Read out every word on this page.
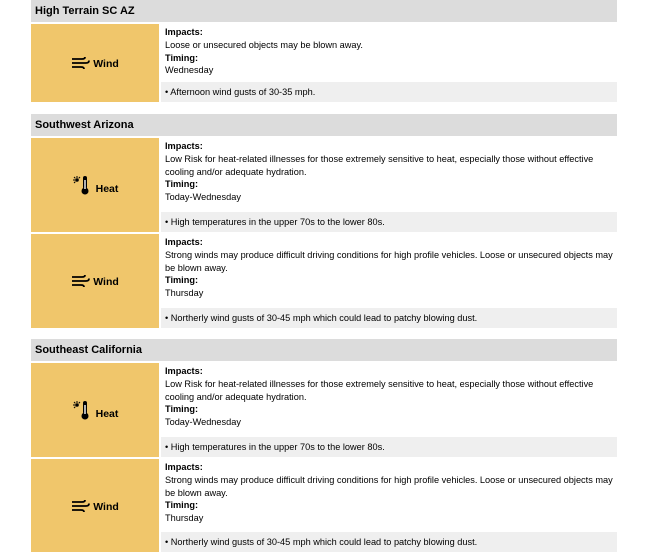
High Terrain SC AZ
Wind
Impacts:
Loose or unsecured objects may be blown away.
Timing:
Wednesday
• Afternoon wind gusts of 30-35 mph.
Southwest Arizona
Heat
Impacts:
Low Risk for heat-related illnesses for those extremely sensitive to heat, especially those without effective cooling and/or adequate hydration.
Timing:
Today-Wednesday
• High temperatures in the upper 70s to the lower 80s.
Wind
Impacts:
Strong winds may produce difficult driving conditions for high profile vehicles. Loose or unsecured objects may be blown away.
Timing:
Thursday
• Northerly wind gusts of 30-45 mph which could lead to patchy blowing dust.
Southeast California
Heat
Impacts:
Low Risk for heat-related illnesses for those extremely sensitive to heat, especially those without effective cooling and/or adequate hydration.
Timing:
Today-Wednesday
• High temperatures in the upper 70s to the lower 80s.
Wind
Impacts:
Strong winds may produce difficult driving conditions for high profile vehicles. Loose or unsecured objects may be blown away.
Timing:
Thursday
• Northerly wind gusts of 30-45 mph which could lead to patchy blowing dust.
